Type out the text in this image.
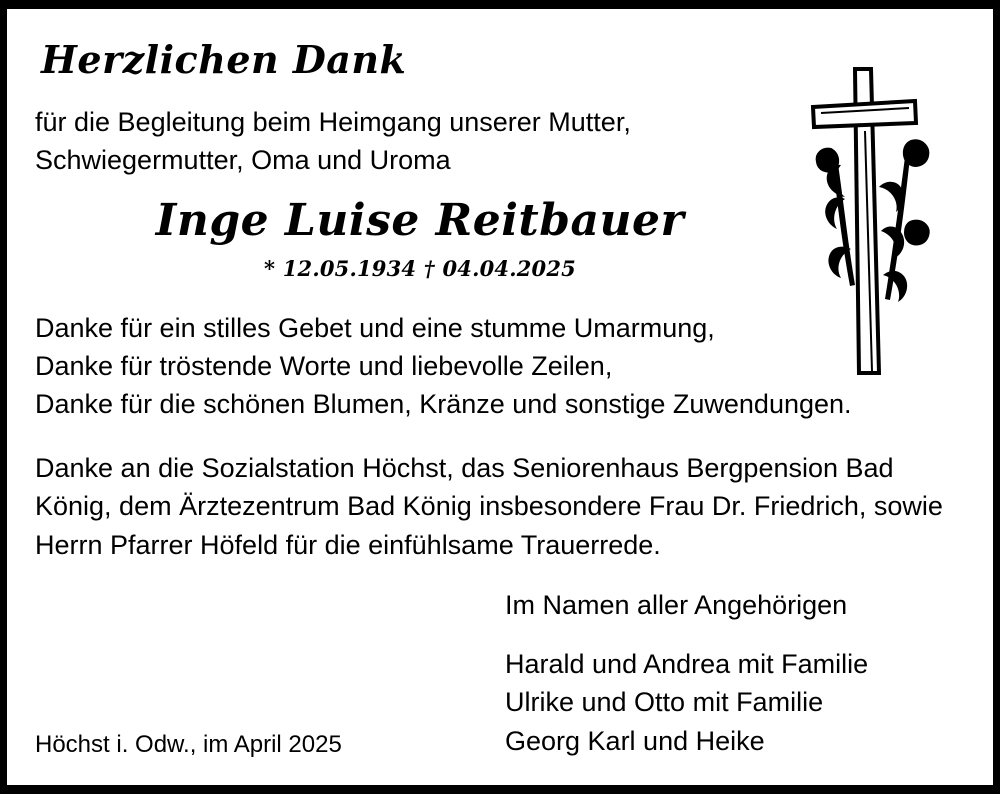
Herzlichen Dank
für die Begleitung beim Heimgang unserer Mutter,
Schwiegermutter, Oma und Uroma
Inge Luise Reitbauer
* 12.05.1934 † 04.04.2025
Danke für ein stilles Gebet und eine stumme Umarmung,
Danke für tröstende Worte und liebevolle Zeilen,
Danke für die schönen Blumen, Kränze und sonstige Zuwendungen.
Danke an die Sozialstation Höchst, das Seniorenhaus Bergpension Bad König, dem Ärztezentrum Bad König insbesondere Frau Dr. Friedrich, sowie Herrn Pfarrer Höfeld für die einfühlsame Trauerrede.
Im Namen aller Angehörigen
Harald und Andrea mit Familie
Ulrike und Otto mit Familie
Georg Karl und Heike
Höchst i. Odw., im April 2025
